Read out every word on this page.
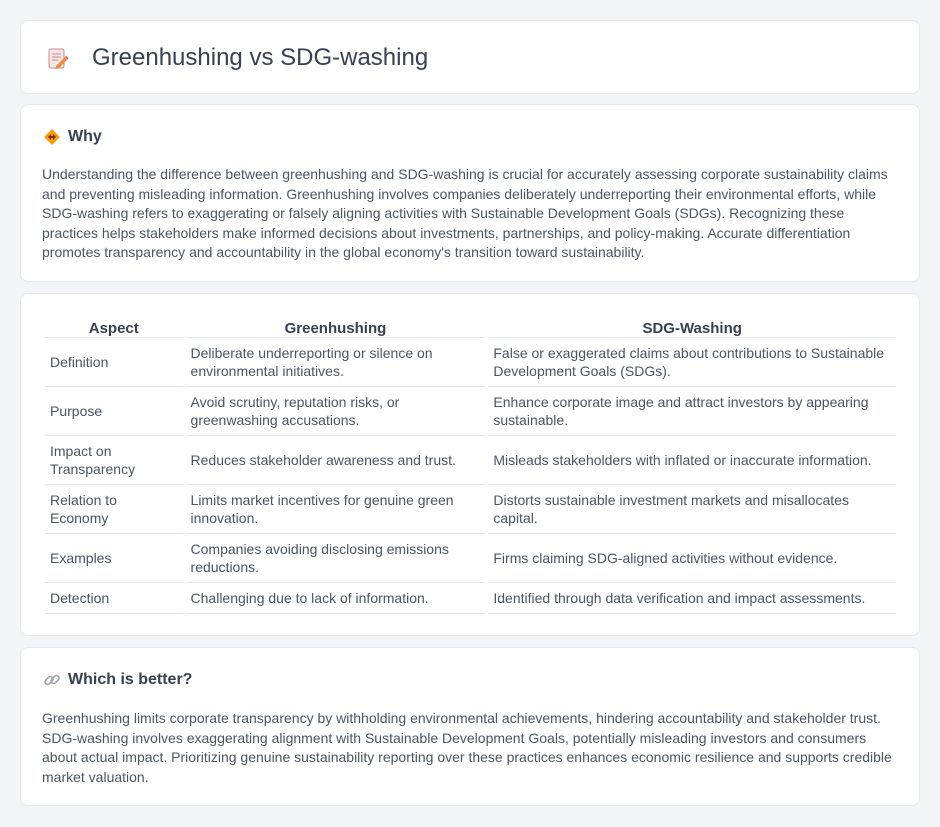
Greenhushing vs SDG-washing
Why

Understanding the difference between greenhushing and SDG-washing is crucial for accurately assessing corporate sustainability claims and preventing misleading information. Greenhushing involves companies deliberately underreporting their environmental efforts, while SDG-washing refers to exaggerating or falsely aligning activities with Sustainable Development Goals (SDGs). Recognizing these practices helps stakeholders make informed decisions about investments, partnerships, and policy-making. Accurate differentiation promotes transparency and accountability in the global economy's transition toward sustainability.

Aspect	Greenhushing	SDG-Washing
Definition	Deliberate underreporting or silence on environmental initiatives.	False or exaggerated claims about contributions to Sustainable Development Goals (SDGs).
Purpose	Avoid scrutiny, reputation risks, or greenwashing accusations.	Enhance corporate image and attract investors by appearing sustainable.
Impact on Transparency	Reduces stakeholder awareness and trust.	Misleads stakeholders with inflated or inaccurate information.
Relation to Economy	Limits market incentives for genuine green innovation.	Distorts sustainable investment markets and misallocates capital.
Examples	Companies avoiding disclosing emissions reductions.	Firms claiming SDG-aligned activities without evidence.
Detection	Challenging due to lack of information.	Identified through data verification and impact assessments.
Which is better?

Greenhushing limits corporate transparency by withholding environmental achievements, hindering accountability and stakeholder trust. SDG-washing involves exaggerating alignment with Sustainable Development Goals, potentially misleading investors and consumers about actual impact. Prioritizing genuine sustainability reporting over these practices enhances economic resilience and supports credible market valuation.
